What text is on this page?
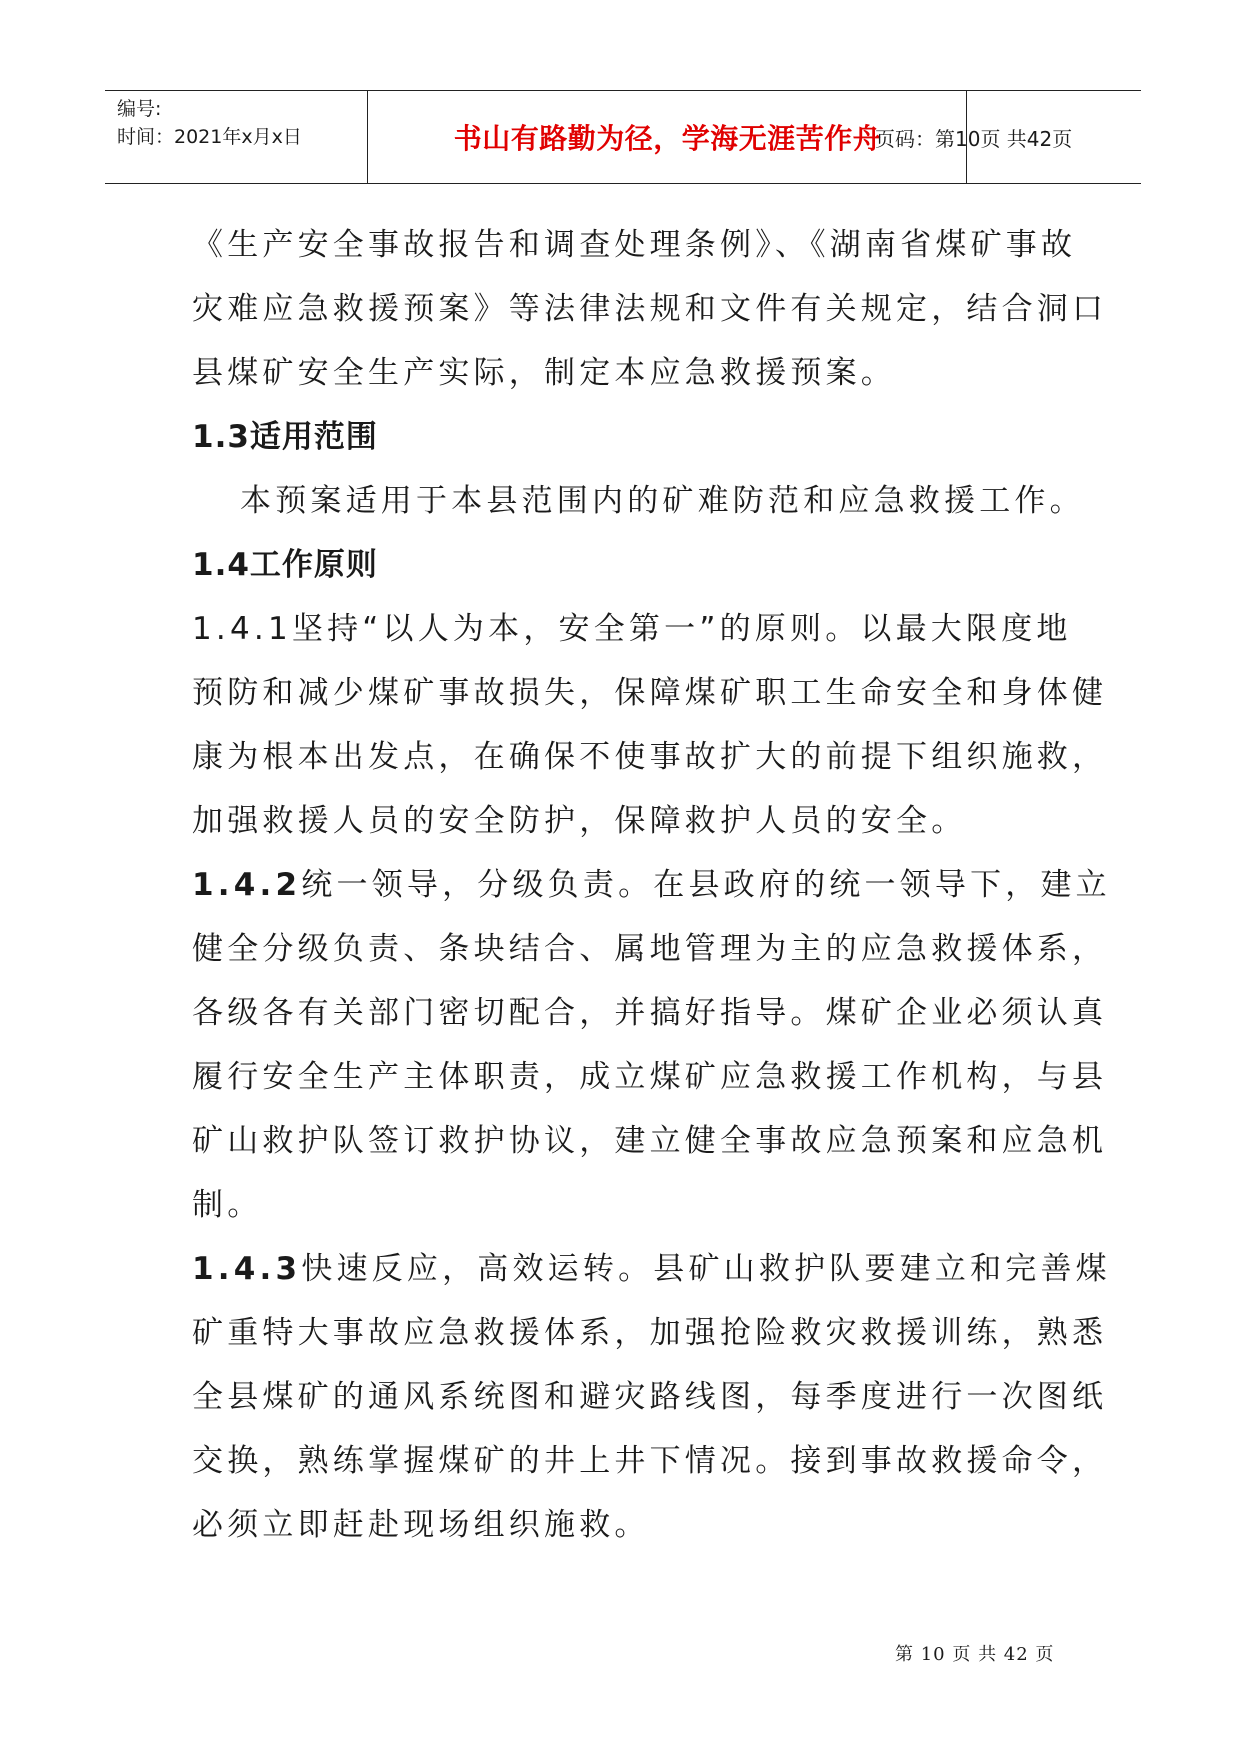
编号:
时间：2021年x月x日	书山有路勤为径，学海无涯苦作舟
页码：第10页 共42页
《生产安全事故报告和调查处理条例》、《湖南省煤矿事故
灾难应急救援预案》等法律法规和文件有关规定，结合洞口
县煤矿安全生产实际，制定本应急救援预案。
1.3适用范围
本预案适用于本县范围内的矿难防范和应急救援工作。
1.4工作原则
1.4.1坚持“以人为本，安全第一”的原则。以最大限度地
预防和减少煤矿事故损失，保障煤矿职工生命安全和身体健
康为根本出发点，在确保不使事故扩大的前提下组织施救，
加强救援人员的安全防护，保障救护人员的安全。
1.4.2统一领导，分级负责。在县政府的统一领导下，建立
健全分级负责、条块结合、属地管理为主的应急救援体系，
各级各有关部门密切配合，并搞好指导。煤矿企业必须认真
履行安全生产主体职责，成立煤矿应急救援工作机构，与县
矿山救护队签订救护协议，建立健全事故应急预案和应急机
制。
1.4.3快速反应，高效运转。县矿山救护队要建立和完善煤
矿重特大事故应急救援体系，加强抢险救灾救援训练，熟悉
全县煤矿的通风系统图和避灾路线图，每季度进行一次图纸
交换，熟练掌握煤矿的井上井下情况。接到事故救援命令，
必须立即赶赴现场组织施救。
第 10 页 共 42 页
